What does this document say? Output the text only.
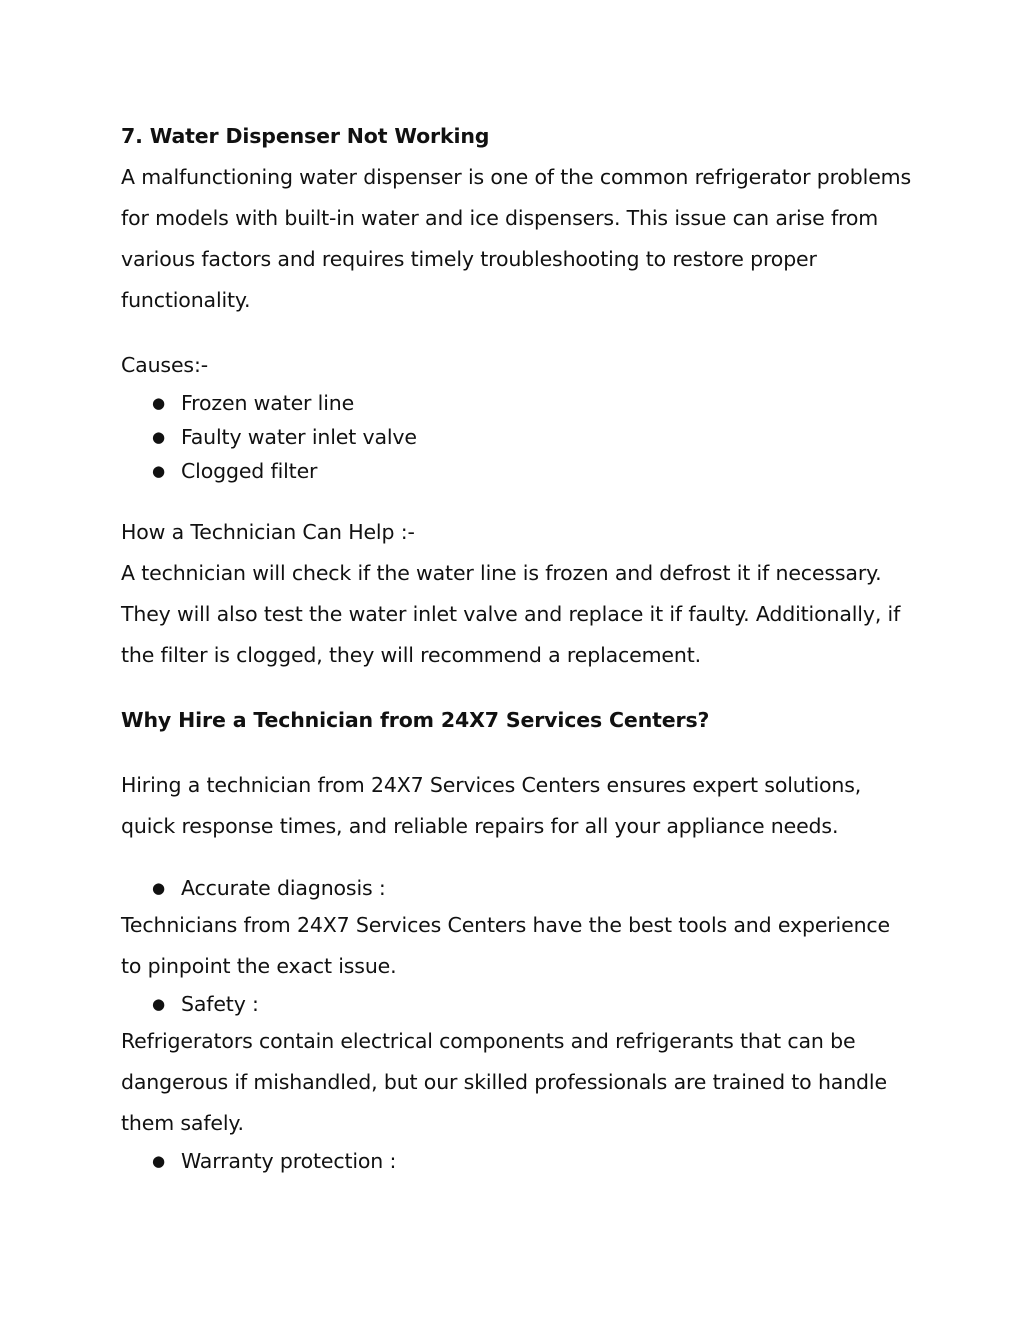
7. Water Dispenser Not Working

A malfunctioning water dispenser is one of the common refrigerator problems for models with built-in water and ice dispensers. This issue can arise from various factors and requires timely troubleshooting to restore proper functionality.

Causes:-

● Frozen water line
● Faulty water inlet valve
● Clogged filter

How a Technician Can Help :-

A technician will check if the water line is frozen and defrost it if necessary. They will also test the water inlet valve and replace it if faulty. Additionally, if the filter is clogged, they will recommend a replacement.

Why Hire a Technician from 24X7 Services Centers?

Hiring a technician from 24X7 Services Centers ensures expert solutions, quick response times, and reliable repairs for all your appliance needs.

● Accurate diagnosis :

Technicians from 24X7 Services Centers have the best tools and experience to pinpoint the exact issue.

● Safety :

Refrigerators contain electrical components and refrigerants that can be dangerous if mishandled, but our skilled professionals are trained to handle them safely.

● Warranty protection :
